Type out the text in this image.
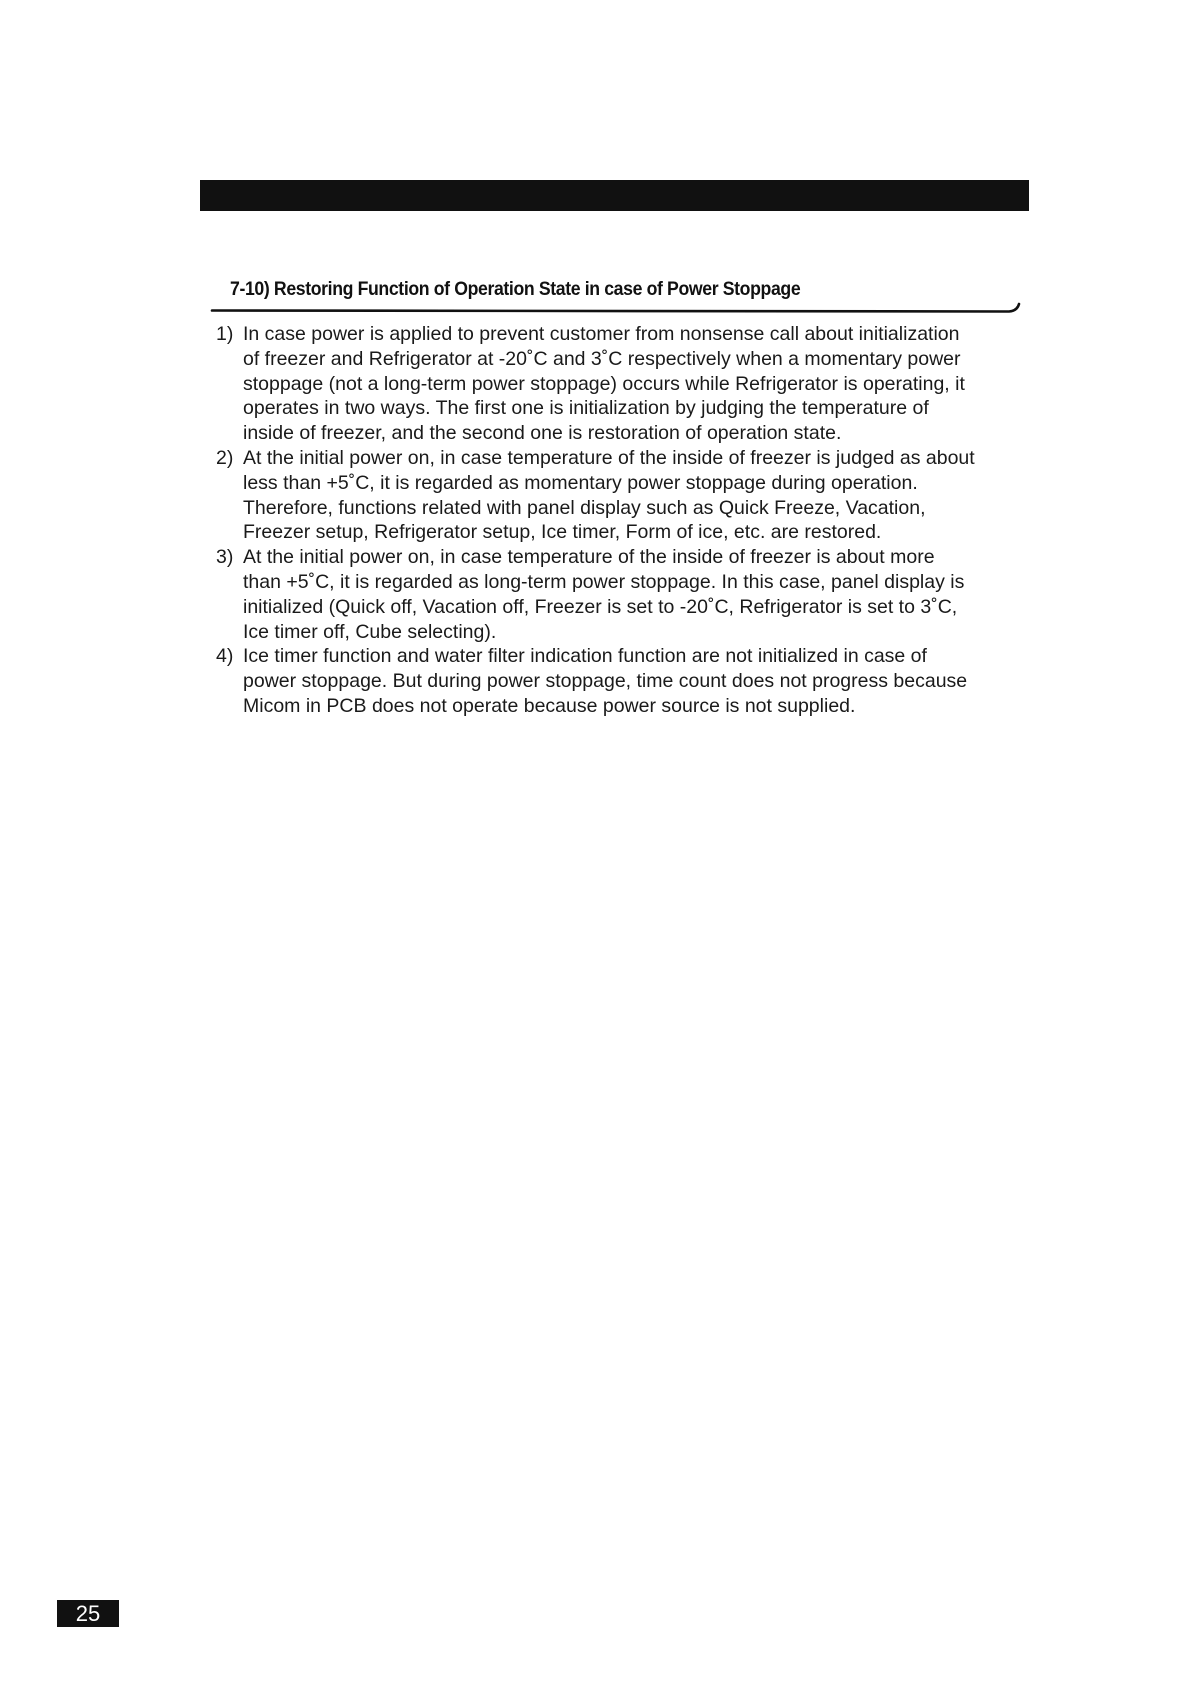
7-10) Restoring Function of Operation State in case of Power Stoppage
1) In case power is applied to prevent customer from nonsense call about initialization of freezer and Refrigerator at -20˚C and 3˚C respectively when a momentary power stoppage (not a long-term power stoppage) occurs while Refrigerator is operating, it operates in two ways. The first one is initialization by judging the temperature of inside of freezer, and the second one is restoration of operation state.
2) At the initial power on, in case temperature of the inside of freezer is judged as about less than +5˚C, it is regarded as momentary power stoppage during operation. Therefore, functions related with panel display such as Quick Freeze, Vacation, Freezer setup, Refrigerator setup, Ice timer, Form of ice, etc. are restored.
3) At the initial power on, in case temperature of the inside of freezer is about more than +5˚C, it is regarded as long-term power stoppage. In this case, panel display is initialized (Quick off, Vacation off, Freezer is set to -20˚C, Refrigerator is set to 3˚C, Ice timer off, Cube selecting).
4) Ice timer function and water filter indication function are not initialized in case of power stoppage. But during power stoppage, time count does not progress because Micom in PCB does not operate because power source is not supplied.
25
